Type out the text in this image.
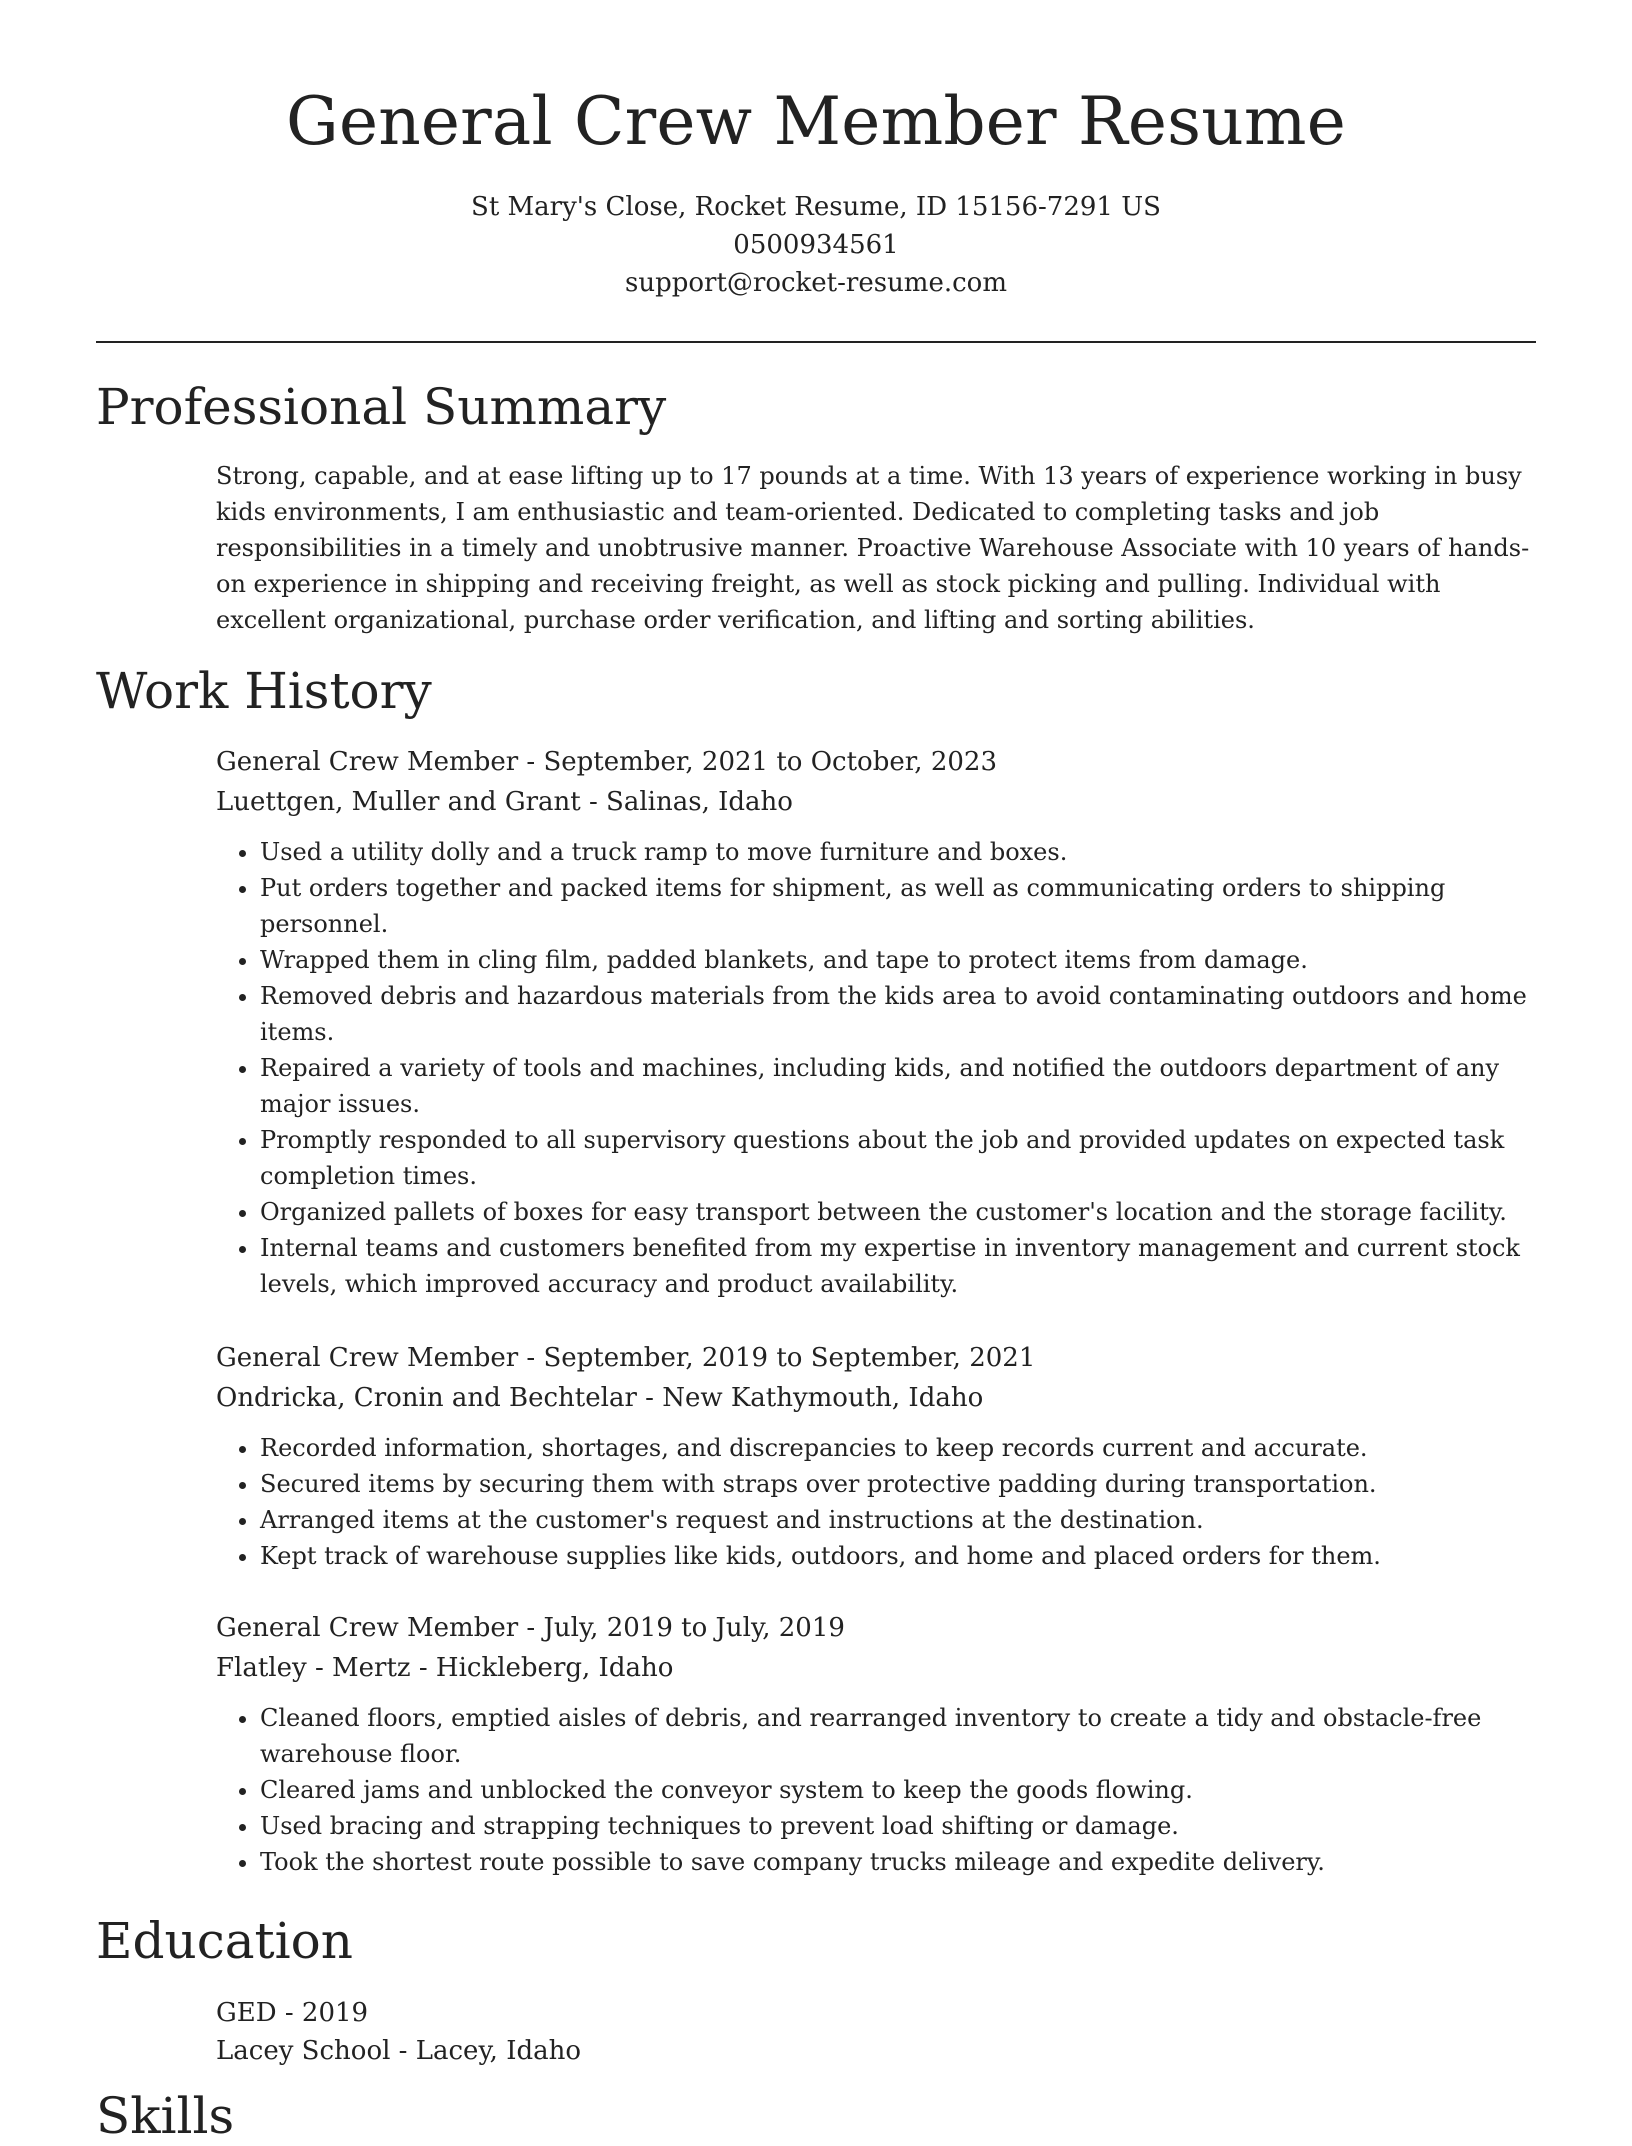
General Crew Member Resume
St Mary's Close, Rocket Resume, ID 15156-7291 US
0500934561
support@rocket-resume.com
Professional Summary
Strong, capable, and at ease lifting up to 17 pounds at a time. With 13 years of experience working in busy kids environments, I am enthusiastic and team-oriented. Dedicated to completing tasks and job responsibilities in a timely and unobtrusive manner. Proactive Warehouse Associate with 10 years of hands-on experience in shipping and receiving freight, as well as stock picking and pulling. Individual with excellent organizational, purchase order verification, and lifting and sorting abilities.
Work History
General Crew Member - September, 2021 to October, 2023
Luettgen, Muller and Grant - Salinas, Idaho
• Used a utility dolly and a truck ramp to move furniture and boxes.
• Put orders together and packed items for shipment, as well as communicating orders to shipping personnel.
• Wrapped them in cling film, padded blankets, and tape to protect items from damage.
• Removed debris and hazardous materials from the kids area to avoid contaminating outdoors and home items.
• Repaired a variety of tools and machines, including kids, and notified the outdoors department of any major issues.
• Promptly responded to all supervisory questions about the job and provided updates on expected task completion times.
• Organized pallets of boxes for easy transport between the customer's location and the storage facility.
• Internal teams and customers benefited from my expertise in inventory management and current stock levels, which improved accuracy and product availability.
General Crew Member - September, 2019 to September, 2021
Ondricka, Cronin and Bechtelar - New Kathymouth, Idaho
• Recorded information, shortages, and discrepancies to keep records current and accurate.
• Secured items by securing them with straps over protective padding during transportation.
• Arranged items at the customer's request and instructions at the destination.
• Kept track of warehouse supplies like kids, outdoors, and home and placed orders for them.
General Crew Member - July, 2019 to July, 2019
Flatley - Mertz - Hickleberg, Idaho
• Cleaned floors, emptied aisles of debris, and rearranged inventory to create a tidy and obstacle-free warehouse floor.
• Cleared jams and unblocked the conveyor system to keep the goods flowing.
• Used bracing and strapping techniques to prevent load shifting or damage.
• Took the shortest route possible to save company trucks mileage and expedite delivery.
Education
GED - 2019
Lacey School - Lacey, Idaho
Skills
